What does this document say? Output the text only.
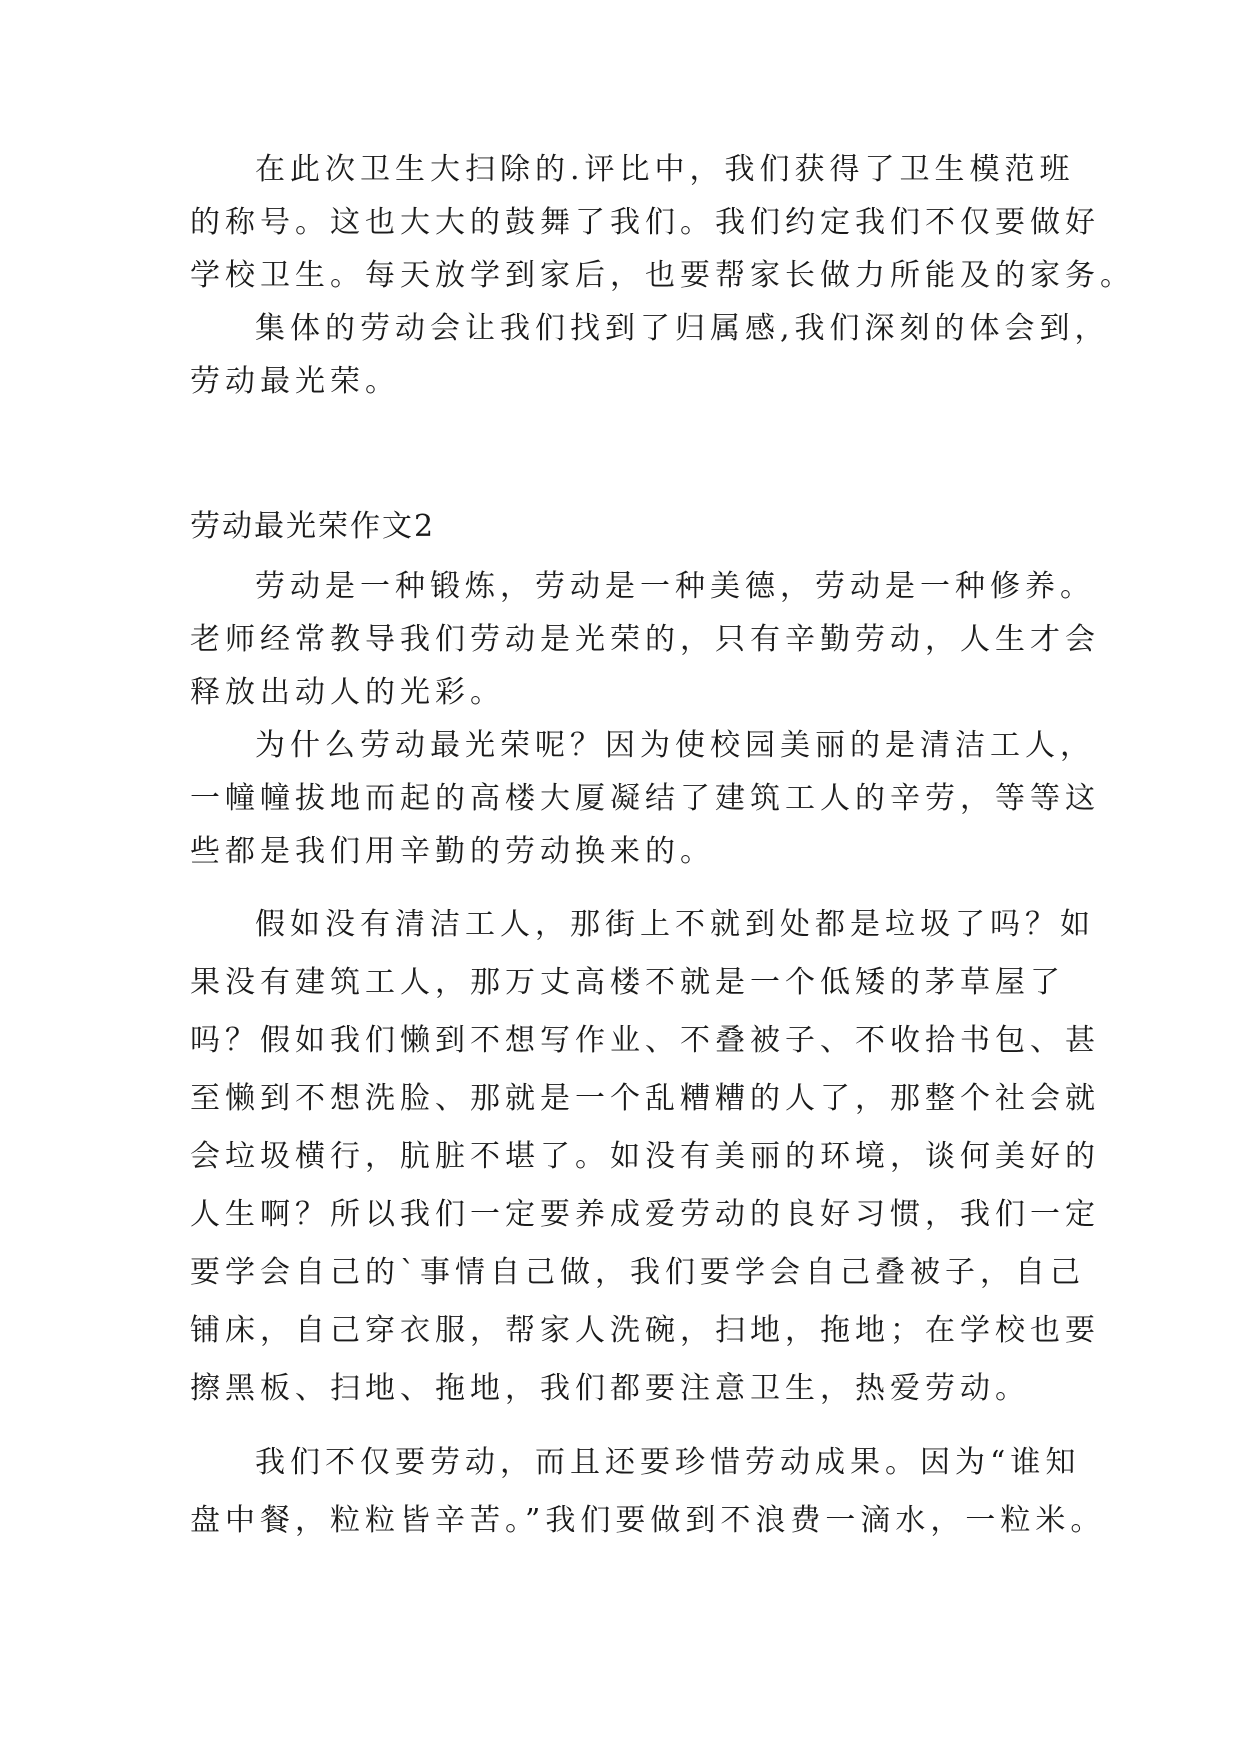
在此次卫生大扫除的.评比中，我们获得了卫生模范班
的称号。这也大大的鼓舞了我们。我们约定我们不仅要做好
学校卫生。每天放学到家后，也要帮家长做力所能及的家务。
集体的劳动会让我们找到了归属感,我们深刻的体会到，
劳动最光荣。
劳动最光荣作文2
劳动是一种锻炼，劳动是一种美德，劳动是一种修养。
老师经常教导我们劳动是光荣的，只有辛勤劳动，人生才会
释放出动人的光彩。
为什么劳动最光荣呢？因为使校园美丽的是清洁工人，
一幢幢拔地而起的高楼大厦凝结了建筑工人的辛劳，等等这
些都是我们用辛勤的劳动换来的。
假如没有清洁工人，那街上不就到处都是垃圾了吗？如
果没有建筑工人，那万丈高楼不就是一个低矮的茅草屋了
吗？假如我们懒到不想写作业、不叠被子、不收拾书包、甚
至懒到不想洗脸、那就是一个乱糟糟的人了，那整个社会就
会垃圾横行，肮脏不堪了。如没有美丽的环境，谈何美好的
人生啊？所以我们一定要养成爱劳动的良好习惯，我们一定
要学会自己的`事情自己做，我们要学会自己叠被子，自己
铺床，自己穿衣服，帮家人洗碗，扫地，拖地；在学校也要
擦黑板、扫地、拖地，我们都要注意卫生，热爱劳动。
我们不仅要劳动，而且还要珍惜劳动成果。因为“谁知
盘中餐，粒粒皆辛苦。”我们要做到不浪费一滴水，一粒米。
